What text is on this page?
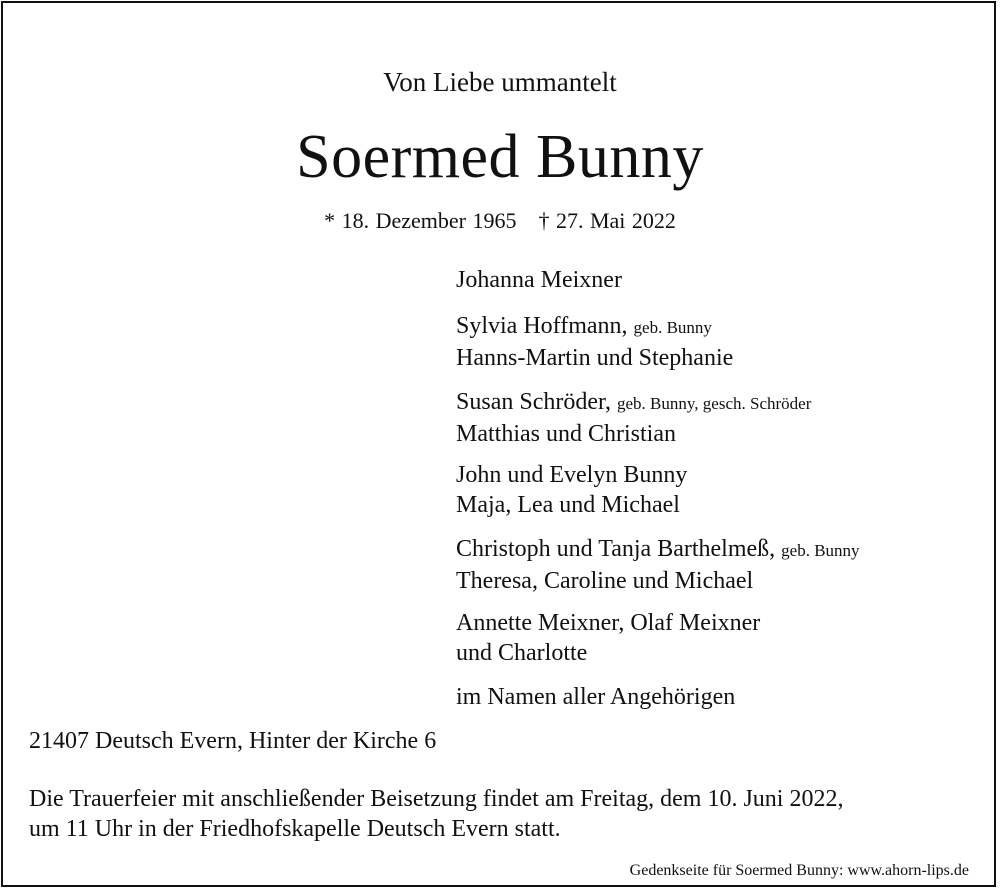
Von Liebe ummantelt
Soermed Bunny
* 18. Dezember 1965 † 27. Mai 2022
Johanna Meixner
Sylvia Hoffmann, geb. Bunny
Hanns-Martin und Stephanie
Susan Schröder, geb. Bunny, gesch. Schröder
Matthias und Christian
John und Evelyn Bunny
Maja, Lea und Michael
Christoph und Tanja Barthelmeß, geb. Bunny
Theresa, Caroline und Michael
Annette Meixner, Olaf Meixner
und Charlotte
im Namen aller Angehörigen
21407 Deutsch Evern, Hinter der Kirche 6
Die Trauerfeier mit anschließender Beisetzung findet am Freitag, dem 10. Juni 2022,
um 11 Uhr in der Friedhofskapelle Deutsch Evern statt.
Gedenkseite für Soermed Bunny: www.ahorn-lips.de
